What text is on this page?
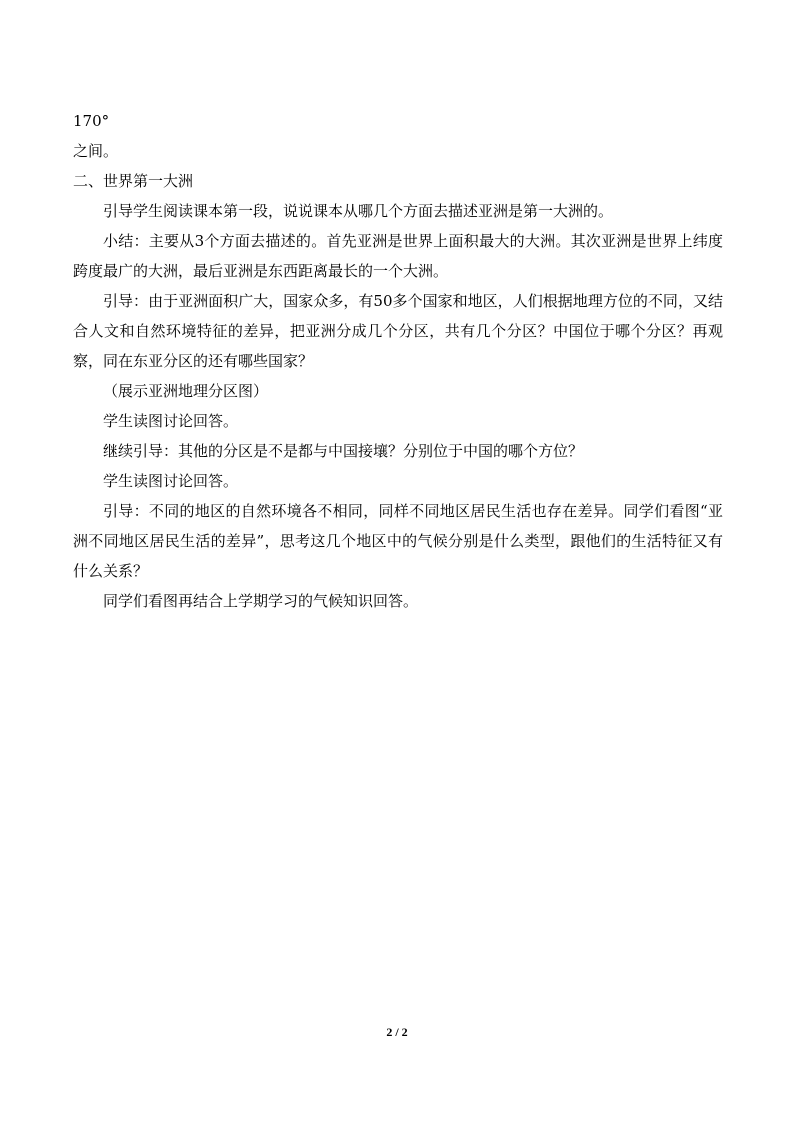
170°
之间。
二、世界第一大洲

引导学生阅读课本第一段，说说课本从哪几个方面去描述亚洲是第一大洲的。

小结：主要从3个方面去描述的。首先亚洲是世界上面积最大的大洲。其次亚洲是世界上纬度跨度最广的大洲，最后亚洲是东西距离最长的一个大洲。

引导：由于亚洲面积广大，国家众多，有50多个国家和地区，人们根据地理方位的不同，又结合人文和自然环境特征的差异，把亚洲分成几个分区，共有几个分区？中国位于哪个分区？再观察，同在东亚分区的还有哪些国家？

（展示亚洲地理分区图）

学生读图讨论回答。

继续引导：其他的分区是不是都与中国接壤？分别位于中国的哪个方位？

学生读图讨论回答。

引导：不同的地区的自然环境各不相同，同样不同地区居民生活也存在差异。同学们看图“亚洲不同地区居民生活的差异”，思考这几个地区中的气候分别是什么类型，跟他们的生活特征又有什么关系？

同学们看图再结合上学期学习的气候知识回答。

2 / 2
